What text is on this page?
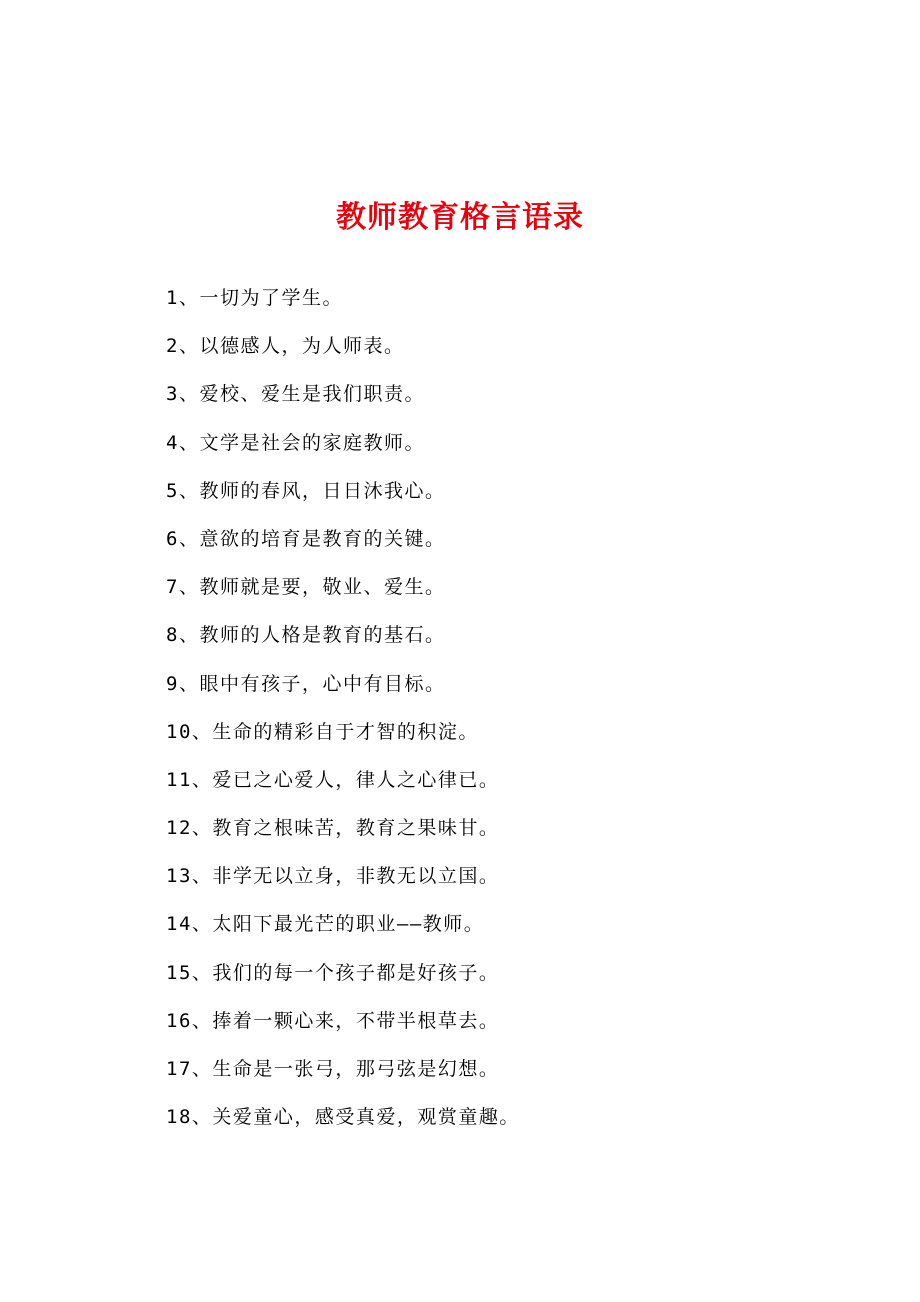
教师教育格言语录
1、一切为了学生。
2、以德感人，为人师表。
3、爱校、爱生是我们职责。
4、文学是社会的家庭教师。
5、教师的春风，日日沐我心。
6、意欲的培育是教育的关键。
7、教师就是要，敬业、爱生。
8、教师的人格是教育的基石。
9、眼中有孩子，心中有目标。
10、生命的精彩自于才智的积淀。
11、爱已之心爱人，律人之心律已。
12、教育之根味苦，教育之果味甘。
13、非学无以立身，非教无以立国。
14、太阳下最光芒的职业——教师。
15、我们的每一个孩子都是好孩子。
16、捧着一颗心来，不带半根草去。
17、生命是一张弓，那弓弦是幻想。
18、关爱童心，感受真爱，观赏童趣。
